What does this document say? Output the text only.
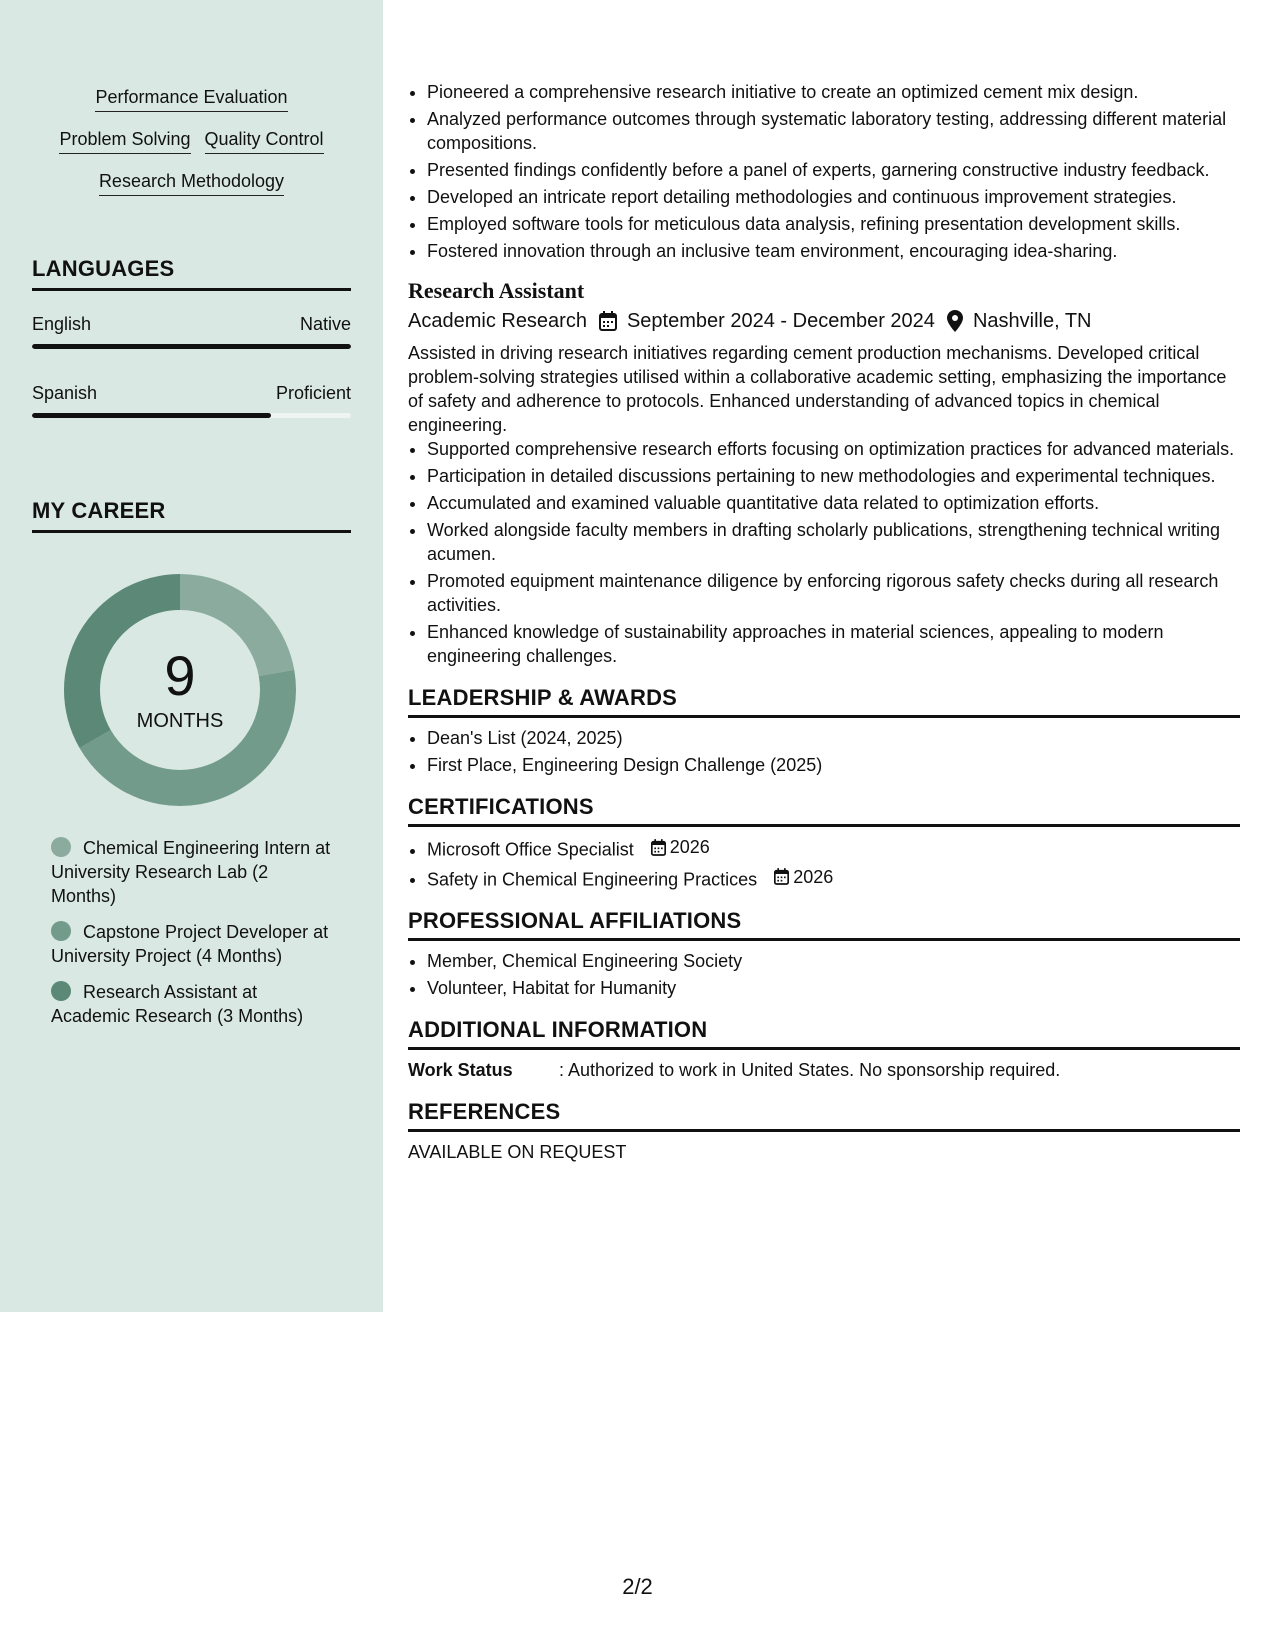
Performance Evaluation
Problem Solving Quality Control
Research Methodology
LANGUAGES
English	Native
Spanish	Proficient
MY CAREER
9
MONTHS
Chemical Engineering Intern at University Research Lab (2 Months)
Capstone Project Developer at University Project (4 Months)
Research Assistant at Academic Research (3 Months)
• Pioneered a comprehensive research initiative to create an optimized cement mix design.
• Analyzed performance outcomes through systematic laboratory testing, addressing different material compositions.
• Presented findings confidently before a panel of experts, garnering constructive industry feedback.
• Developed an intricate report detailing methodologies and continuous improvement strategies.
• Employed software tools for meticulous data analysis, refining presentation development skills.
• Fostered innovation through an inclusive team environment, encouraging idea-sharing.
Research Assistant
Academic Research September 2024 - December 2024 Nashville, TN
Assisted in driving research initiatives regarding cement production mechanisms. Developed critical problem-solving strategies utilised within a collaborative academic setting, emphasizing the importance of safety and adherence to protocols. Enhanced understanding of advanced topics in chemical engineering.
• Supported comprehensive research efforts focusing on optimization practices for advanced materials.
• Participation in detailed discussions pertaining to new methodologies and experimental techniques.
• Accumulated and examined valuable quantitative data related to optimization efforts.
• Worked alongside faculty members in drafting scholarly publications, strengthening technical writing acumen.
• Promoted equipment maintenance diligence by enforcing rigorous safety checks during all research activities.
• Enhanced knowledge of sustainability approaches in material sciences, appealing to modern engineering challenges.
LEADERSHIP & AWARDS
• Dean's List (2024, 2025)
• First Place, Engineering Design Challenge (2025)
CERTIFICATIONS
• Microsoft Office Specialist 2026
• Safety in Chemical Engineering Practices 2026
PROFESSIONAL AFFILIATIONS
• Member, Chemical Engineering Society
• Volunteer, Habitat for Humanity
ADDITIONAL INFORMATION
Work Status	: Authorized to work in United States. No sponsorship required.
REFERENCES
AVAILABLE ON REQUEST
2/2
